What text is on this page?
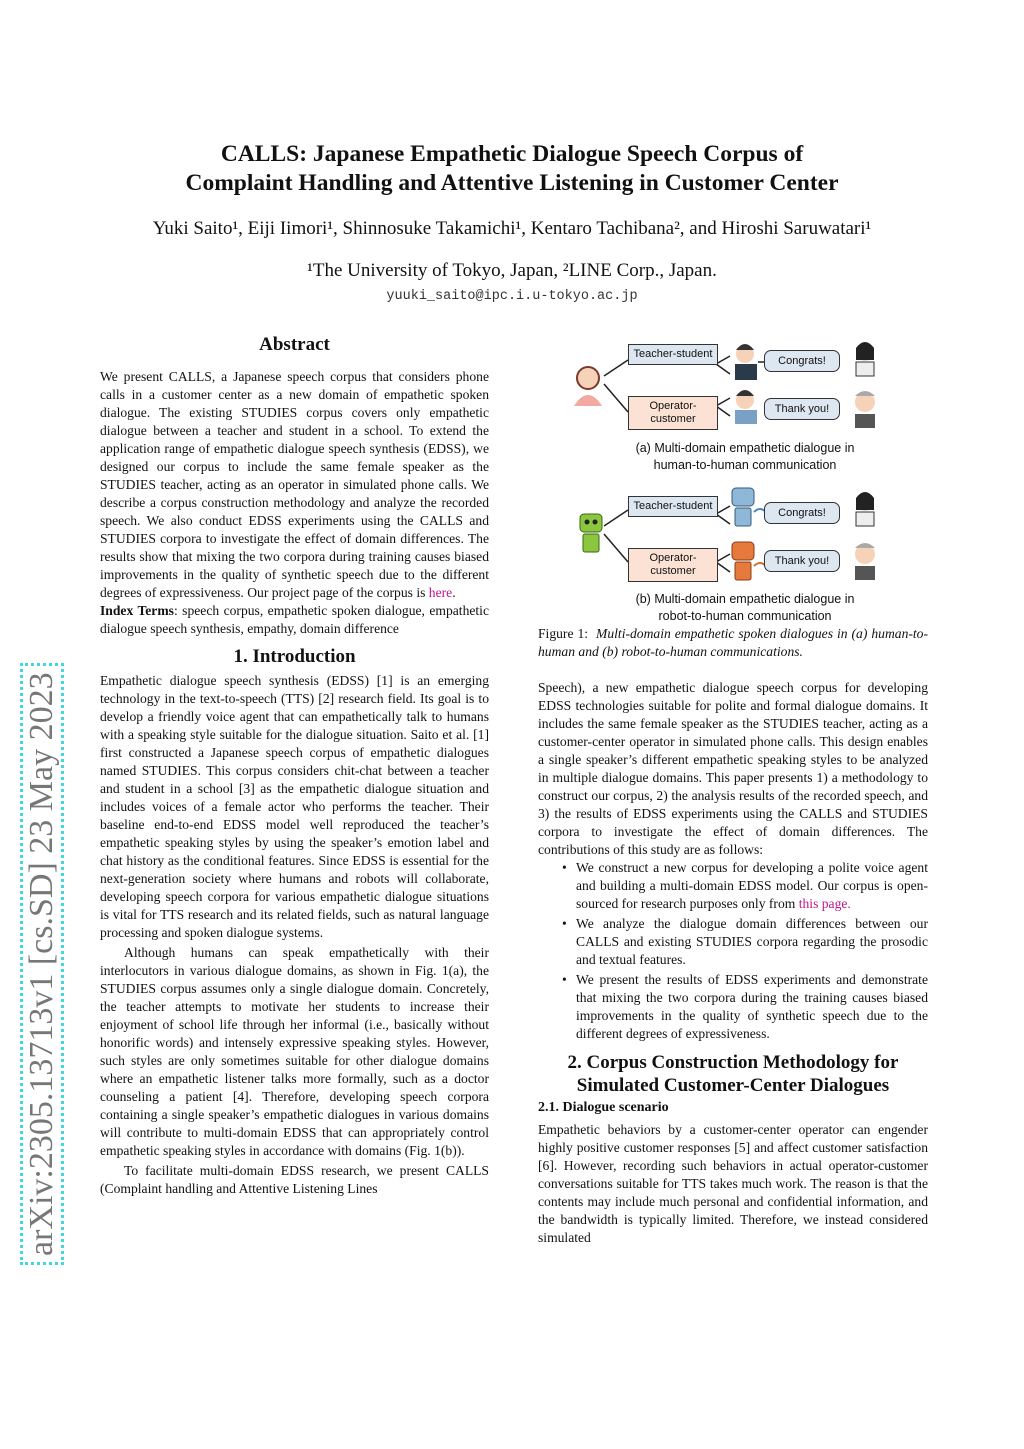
CALLS: Japanese Empathetic Dialogue Speech Corpus of
Complaint Handling and Attentive Listening in Customer Center
Yuki Saito¹, Eiji Iimori¹, Shinnosuke Takamichi¹, Kentaro Tachibana², and Hiroshi Saruwatari¹
¹The University of Tokyo, Japan, ²LINE Corp., Japan.
yuuki_saito@ipc.i.u-tokyo.ac.jp
arXiv:2305.13713v1 [cs.SD] 23 May 2023
Abstract

We present CALLS, a Japanese speech corpus that considers phone calls in a customer center as a new domain of empathetic spoken dialogue. The existing STUDIES corpus covers only empathetic dialogue between a teacher and student in a school. To extend the application range of empathetic dialogue speech synthesis (EDSS), we designed our corpus to include the same female speaker as the STUDIES teacher, acting as an operator in simulated phone calls. We describe a corpus construction methodology and analyze the recorded speech. We also conduct EDSS experiments using the CALLS and STUDIES corpora to investigate the effect of domain differences. The results show that mixing the two corpora during training causes biased improvements in the quality of synthetic speech due to the different degrees of expressiveness. Our project page of the corpus is here.

Index Terms: speech corpus, empathetic spoken dialogue, empathetic dialogue speech synthesis, empathy, domain difference

1. Introduction

Empathetic dialogue speech synthesis (EDSS) [1] is an emerging technology in the text-to-speech (TTS) [2] research field. Its goal is to develop a friendly voice agent that can empathetically talk to humans with a speaking style suitable for the dialogue situation. Saito et al. [1] first constructed a Japanese speech corpus of empathetic dialogues named STUDIES. This corpus considers chit-chat between a teacher and student in a school [3] as the empathetic dialogue situation and includes voices of a female actor who performs the teacher. Their baseline end-to-end EDSS model well reproduced the teacher’s empathetic speaking styles by using the speaker’s emotion label and chat history as the conditional features. Since EDSS is essential for the next-generation society where humans and robots will collaborate, developing speech corpora for various empathetic dialogue situations is vital for TTS research and its related fields, such as natural language processing and spoken dialogue systems.

Although humans can speak empathetically with their interlocutors in various dialogue domains, as shown in Fig. 1(a), the STUDIES corpus assumes only a single dialogue domain. Concretely, the teacher attempts to motivate her students to increase their enjoyment of school life through her informal (i.e., basically without honorific words) and intensely expressive speaking styles. However, such styles are only sometimes suitable for other dialogue domains where an empathetic listener talks more formally, such as a doctor counseling a patient [4]. Therefore, developing speech corpora containing a single speaker’s empathetic dialogues in various domains will contribute to multi-domain EDSS that can appropriately control empathetic speaking styles in accordance with domains (Fig. 1(b)).

To facilitate multi-domain EDSS research, we present CALLS (Complaint handling and Attentive Listening Lines

Teacher-student
Operator-customer
Congrats!
Thank you!
(a) Multi-domain empathetic dialogue in
human-to-human communication
Teacher-student
Operator-customer
Congrats!
Thank you!
(b) Multi-domain empathetic dialogue in
robot-to-human communication

Figure 1: Multi-domain empathetic spoken dialogues in (a) human-to-human and (b) robot-to-human communications.

Speech), a new empathetic dialogue speech corpus for developing EDSS technologies suitable for polite and formal dialogue domains. It includes the same female speaker as the STUDIES teacher, acting as a customer-center operator in simulated phone calls. This design enables a single speaker’s different empathetic speaking styles to be analyzed in multiple dialogue domains. This paper presents 1) a methodology to construct our corpus, 2) the analysis results of the recorded speech, and 3) the results of EDSS experiments using the CALLS and STUDIES corpora to investigate the effect of domain differences. The contributions of this study are as follows:

• We construct a new corpus for developing a polite voice agent and building a multi-domain EDSS model. Our corpus is open-sourced for research purposes only from this page.
• We analyze the dialogue domain differences between our CALLS and existing STUDIES corpora regarding the prosodic and textual features.
• We present the results of EDSS experiments and demonstrate that mixing the two corpora during the training causes biased improvements in the quality of synthetic speech due to the different degrees of expressiveness.
2. Corpus Construction Methodology for
Simulated Customer-Center Dialogues
2.1. Dialogue scenario

Empathetic behaviors by a customer-center operator can engender highly positive customer responses [5] and affect customer satisfaction [6]. However, recording such behaviors in actual operator-customer conversations suitable for TTS takes much work. The reason is that the contents may include much personal and confidential information, and the bandwidth is typically limited. Therefore, we instead considered simulated
